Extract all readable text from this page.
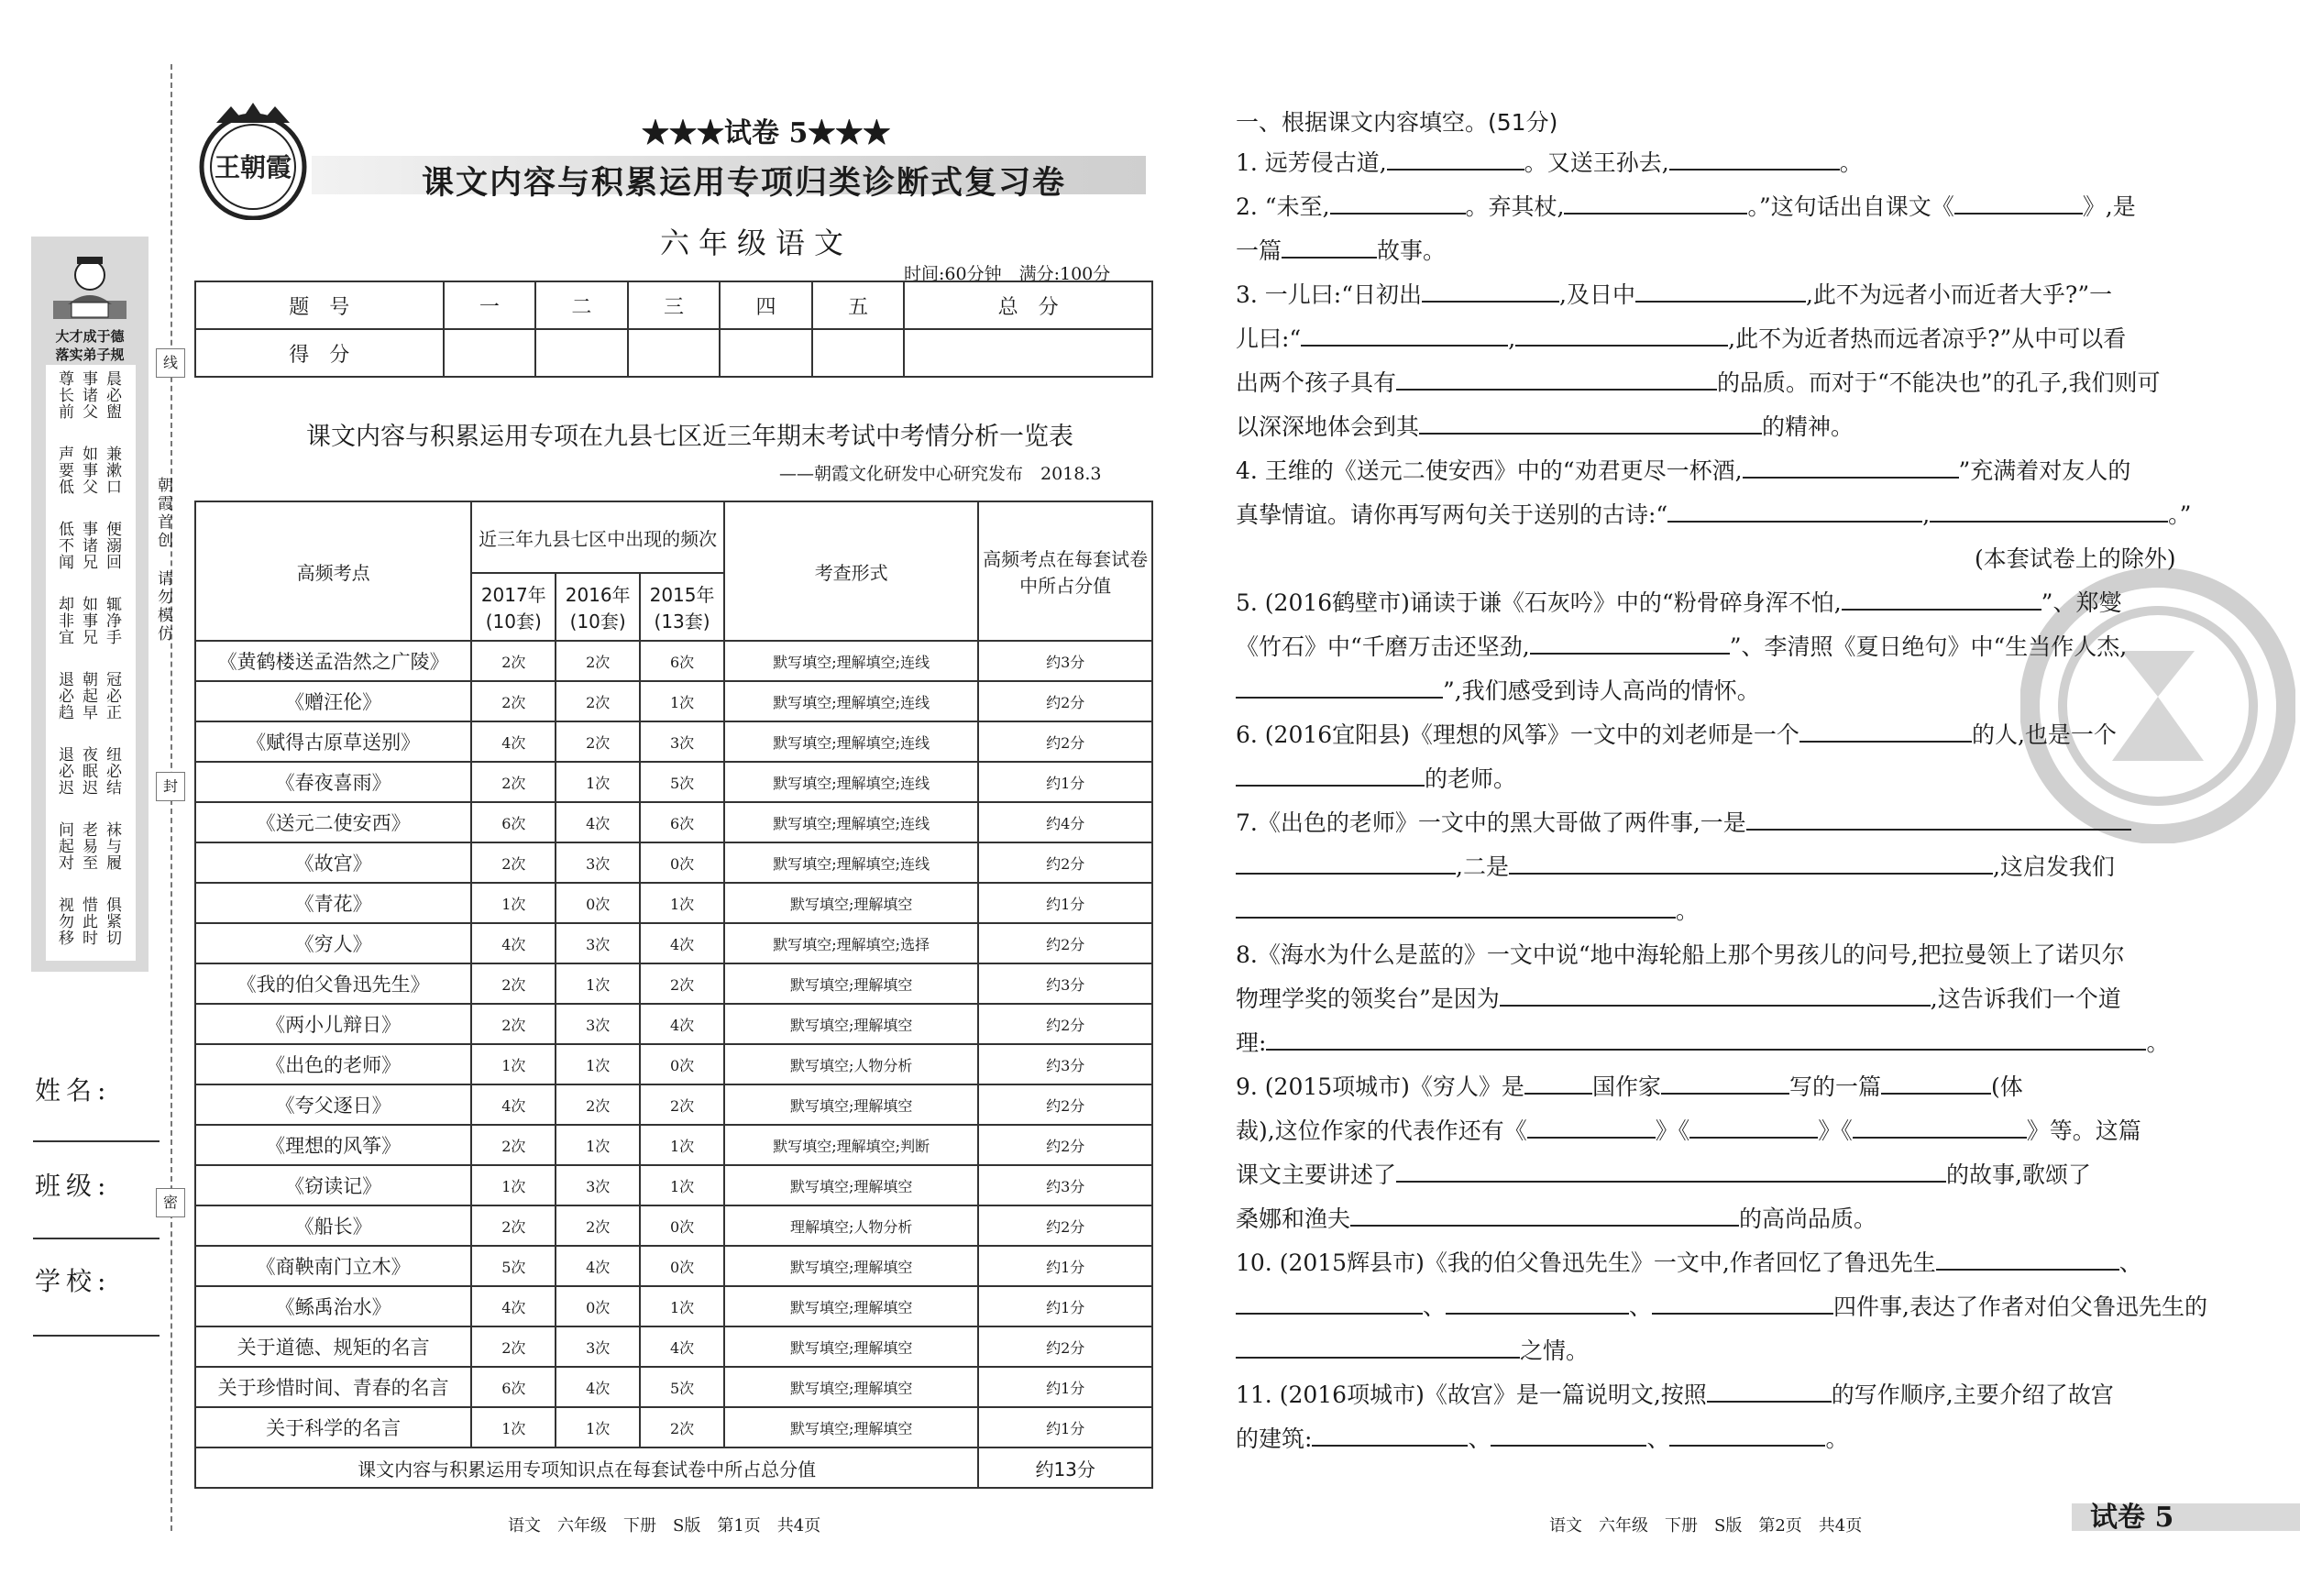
大才成于德
落实弟子规
晨必盥
兼漱口
便溺回
辄净手
冠必正
纽必结
袜与履
俱紧切
事诸父
如事父
事诸兄
如事兄
朝起早
夜眠迟
老易至
惜此时
尊长前
声要低
低不闻
却非宜
退必趋
退必迟
问起对
视勿移
姓名:
班级:
学校:
线
封
密
朝霞首创
请勿模仿
王朝霞
★★★试卷 5★★★
课文内容与积累运用专项归类诊断式复习卷
六年级语文
时间:60分钟　满分:100分
题　号	一	二	三	四	五	总　分
得　分						
课文内容与积累运用专项在九县七区近三年期末考试中考情分析一览表
——朝霞文化研发中心研究发布　2018.3
高频考点	近三年九县七区中出现的频次			考查形式	高频考点在每套试卷中所占分值
	2017年(10套)	2016年(10套)	2015年(13套)		
《黄鹤楼送孟浩然之广陵》	2次	2次	6次	默写填空;理解填空;连线	约3分
《赠汪伦》	2次	2次	1次	默写填空;理解填空;连线	约2分
《赋得古原草送别》	4次	2次	3次	默写填空;理解填空;连线	约2分
《春夜喜雨》	2次	1次	5次	默写填空;理解填空;连线	约1分
《送元二使安西》	6次	4次	6次	默写填空;理解填空;连线	约4分
《故宫》	2次	3次	0次	默写填空;理解填空;连线	约2分
《青花》	1次	0次	1次	默写填空;理解填空	约1分
《穷人》	4次	3次	4次	默写填空;理解填空;选择	约2分
《我的伯父鲁迅先生》	2次	1次	2次	默写填空;理解填空	约3分
《两小儿辩日》	2次	3次	4次	默写填空;理解填空	约2分
《出色的老师》	1次	1次	0次	默写填空;人物分析	约3分
《夸父逐日》	4次	2次	2次	默写填空;理解填空	约2分
《理想的风筝》	2次	1次	1次	默写填空;理解填空;判断	约2分
《窃读记》	1次	3次	1次	默写填空;理解填空	约3分
《船长》	2次	2次	0次	理解填空;人物分析	约2分
《商鞅南门立木》	5次	4次	0次	默写填空;理解填空	约1分
《鲧禹治水》	4次	0次	1次	默写填空;理解填空	约1分
关于道德、规矩的名言	2次	3次	4次	默写填空;理解填空	约2分
关于珍惜时间、青春的名言	6次	4次	5次	默写填空;理解填空	约1分
关于科学的名言	1次	1次	2次	默写填空;理解填空	约1分
课文内容与积累运用专项知识点在每套试卷中所占总分值					约13分
语文　六年级　下册　S版　第1页　共4页	语文　六年级　下册　S版　第2页　共4页	试卷 5
一、根据课文内容填空。(51分)
1. 远芳侵古道,	。又送王孙去,	。
2. “未至,	。弃其杖,	。”这句话出自课文《	》,是
一篇	故事。
3. 一儿曰:“日初出	,及日中	,此不为远者小而近者大乎?”一
儿曰:“	,	,此不为近者热而远者凉乎?”从中可以看
出两个孩子具有	的品质。而对于“不能决也”的孔子,我们则可
以深深地体会到其	的精神。
4. 王维的《送元二使安西》中的“劝君更尽一杯酒,	”充满着对友人的
真挚情谊。请你再写两句关于送别的古诗:“	,	。”
(本套试卷上的除外)
5. (2016鹤壁市)诵读于谦《石灰吟》中的“粉骨碎身浑不怕,	”、郑燮
《竹石》中“千磨万击还坚劲,	”、李清照《夏日绝句》中“生当作人杰,
”,我们感受到诗人高尚的情怀。
6. (2016宜阳县)《理想的风筝》一文中的刘老师是一个	的人,也是一个
的老师。
7.《出色的老师》一文中的黑大哥做了两件事,一是
,二是	,这启发我们
。
8.《海水为什么是蓝的》一文中说“地中海轮船上那个男孩儿的问号,把拉曼领上了诺贝尔
物理学奖的领奖台”是因为	,这告诉我们一个道
理:	。
9. (2015项城市)《穷人》是	国作家	写的一篇	(体
裁),这位作家的代表作还有《	》《	》《	》等。这篇
课文主要讲述了	的故事,歌颂了
桑娜和渔夫	的高尚品质。
10. (2015辉县市)《我的伯父鲁迅先生》一文中,作者回忆了鲁迅先生	、
、	、	四件事,表达了作者对伯父鲁迅先生的
之情。
11. (2016项城市)《故宫》是一篇说明文,按照	的写作顺序,主要介绍了故宫
的建筑:	、	、	。
